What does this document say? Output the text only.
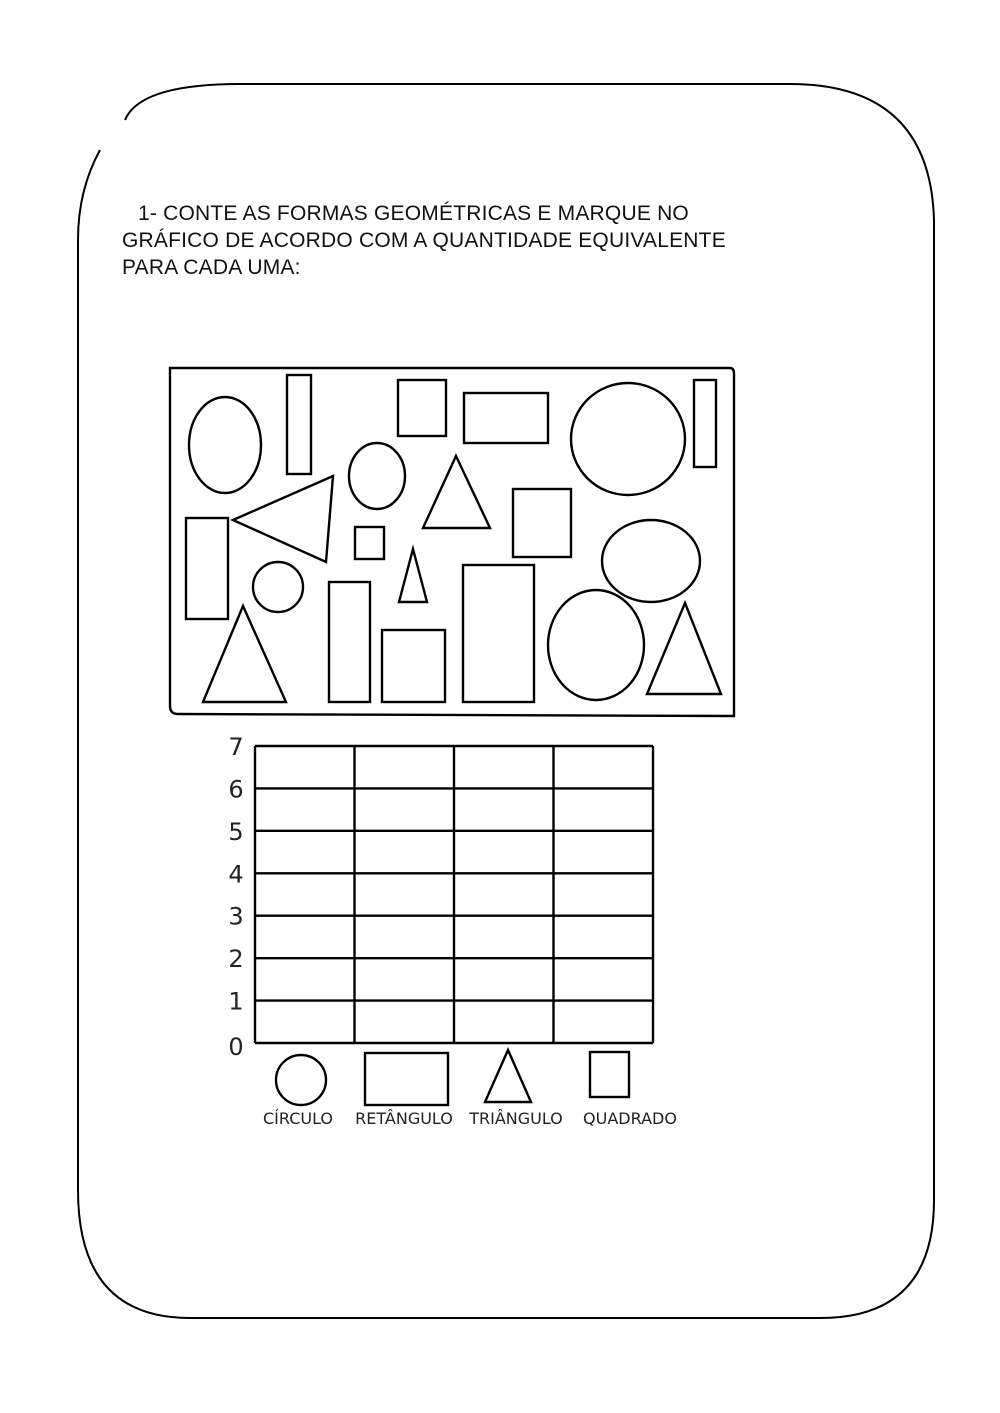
0
1
2
3
4
5
6
7
CÍRCULO RETÂNGULO TRIÂNGULO QUADRADO
1- CONTE AS FORMAS GEOMÉTRICAS E MARQUE NO
GRÁFICO DE ACORDO COM A QUANTIDADE EQUIVALENTE
PARA CADA UMA:
